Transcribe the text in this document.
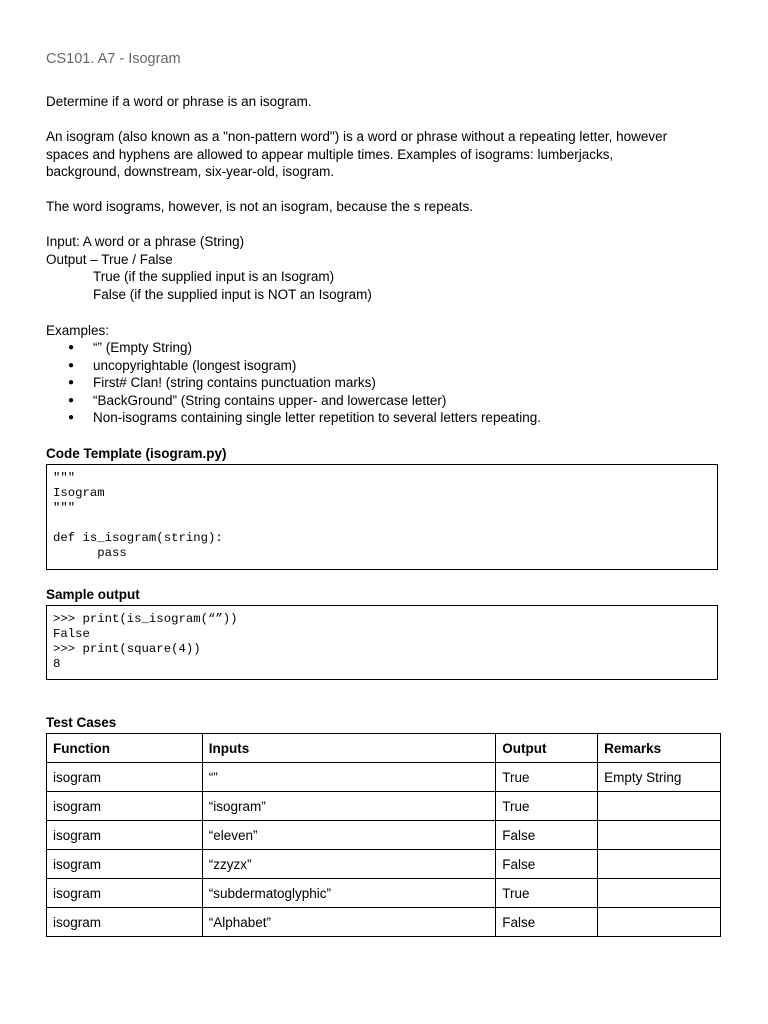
CS101. A7 - Isogram
Determine if a word or phrase is an isogram.
An isogram (also known as a "non-pattern word") is a word or phrase without a repeating letter, however
spaces and hyphens are allowed to appear multiple times. Examples of isograms: lumberjacks,
background, downstream, six-year-old, isogram.
The word isograms, however, is not an isogram, because the s repeats.
Input: A word or a phrase (String)
Output – True / False
True (if the supplied input is an Isogram)
False (if the supplied input is NOT an Isogram)
Examples:
● “” (Empty String)
● uncopyrightable (longest isogram)
● First# Clan! (string contains punctuation marks)
● “BackGround” (String contains upper- and lowercase letter)
● Non-isograms containing single letter repetition to several letters repeating.
Code Template (isogram.py)
"""
Isogram
"""

def is_isogram(string):
pass
Sample output
>>> print(is_isogram(“”))
False
>>> print(square(4))
8
Test Cases
Function	Inputs	Output	Remarks
isogram	“”	True	Empty String
isogram	“isogram”	True	
isogram	“eleven”	False	
isogram	“zzyzx”	False	
isogram	“subdermatoglyphic”	True	
isogram	“Alphabet”	False	
